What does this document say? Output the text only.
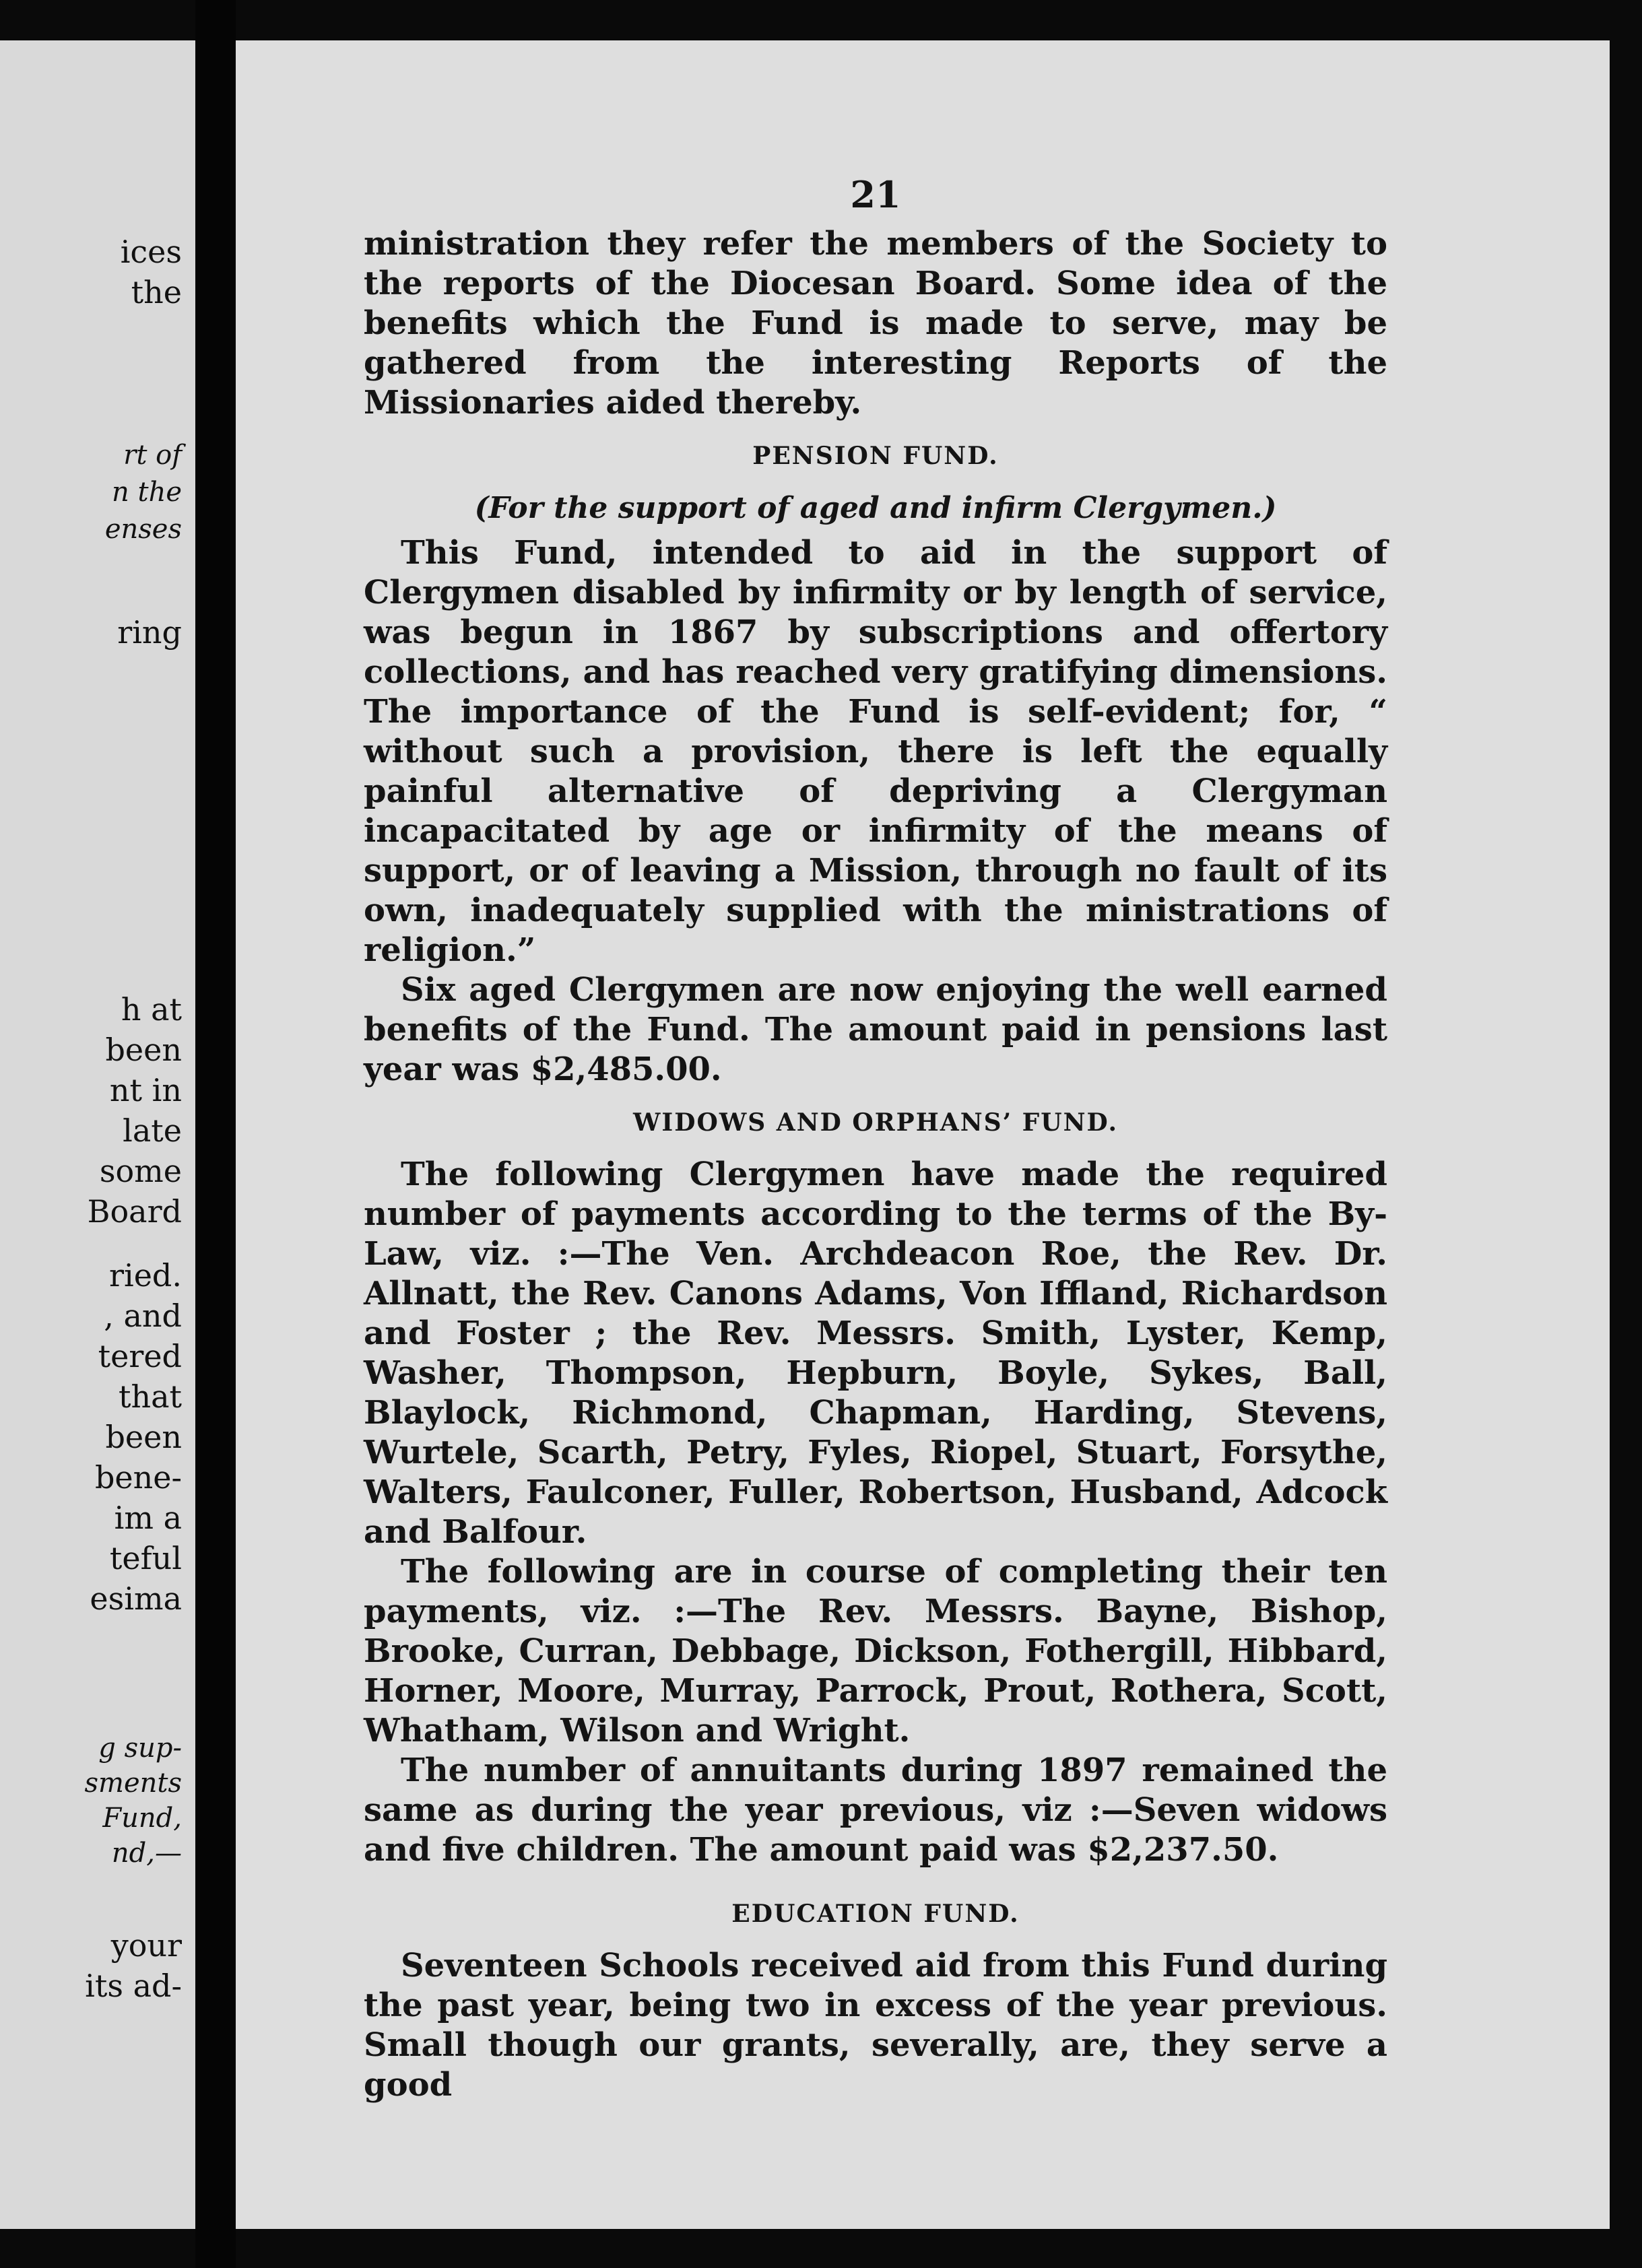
ices
the
rt of
n the
enses
ring
h at
been
nt in
late
some
Board
ried.
, and
tered
that
been
bene-
im a
teful
esima
g sup-
sments
Fund,
nd,—
your
its ad-
21

ministration they refer the members of the Society to the reports of the Diocesan Board. Some idea of the benefits which the Fund is made to serve, may be gathered from the interesting Reports of the Missionaries aided thereby.

PENSION FUND.
(For the support of aged and infirm Clergymen.)

This Fund, intended to aid in the support of Clergymen disabled by infirmity or by length of service, was begun in 1867 by subscriptions and offertory collections, and has reached very gratifying dimensions. The importance of the Fund is self-evident; for, “ without such a provision, there is left the equally painful alternative of depriving a Clergyman incapacitated by age or infirmity of the means of support, or of leaving a Mission, through no fault of its own, inadequately supplied with the ministrations of religion.”

Six aged Clergymen are now enjoying the well earned benefits of the Fund. The amount paid in pensions last year was $2,485.00.

WIDOWS AND ORPHANS’ FUND.

The following Clergymen have made the required number of payments according to the terms of the By-Law, viz. :—The Ven. Archdeacon Roe, the Rev. Dr. Allnatt, the Rev. Canons Adams, Von Iffland, Richardson and Foster ; the Rev. Messrs. Smith, Lyster, Kemp, Washer, Thompson, Hepburn, Boyle, Sykes, Ball, Blaylock, Richmond, Chapman, Harding, Stevens, Wurtele, Scarth, Petry, Fyles, Riopel, Stuart, Forsythe, Walters, Faulconer, Fuller, Robertson, Husband, Adcock and Balfour.

The following are in course of completing their ten payments, viz. :—The Rev. Messrs. Bayne, Bishop, Brooke, Curran, Debbage, Dickson, Fothergill, Hibbard, Horner, Moore, Murray, Parrock, Prout, Rothera, Scott, Whatham, Wilson and Wright.

The number of annuitants during 1897 remained the same as during the year previous, viz :—Seven widows and five children. The amount paid was $2,237.50.

EDUCATION FUND.

Seventeen Schools received aid from this Fund during the past year, being two in excess of the year previous. Small though our grants, severally, are, they serve a good
